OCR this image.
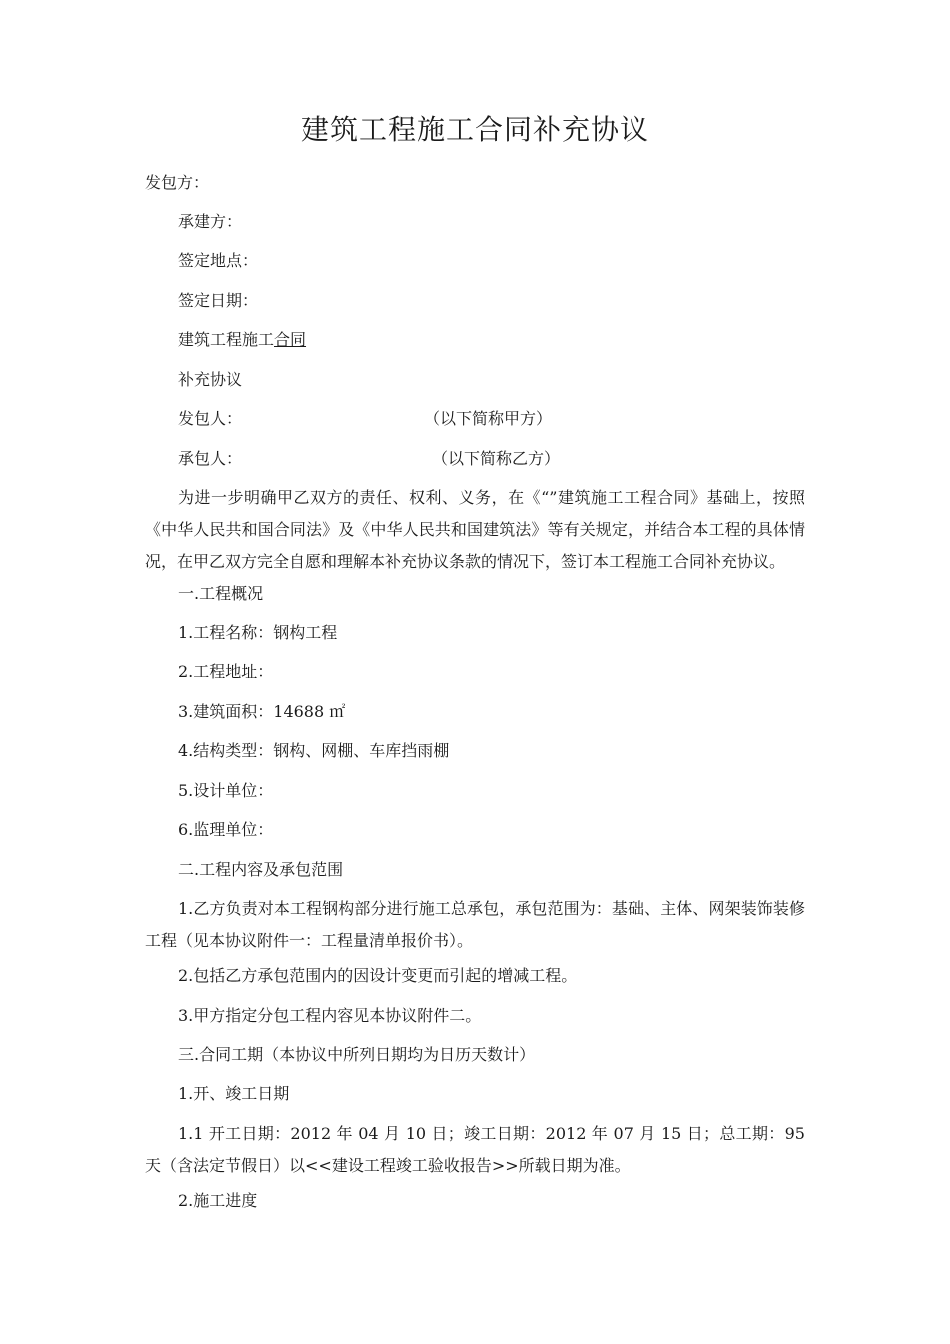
建筑工程施工合同补充协议
发包方：
承建方：
签定地点：
签定日期：
建筑工程施工合同
补充协议
发包人：	（以下简称甲方）
承包人：	（以下简称乙方）
为进一步明确甲乙双方的责任、权利、义务，在《“”建筑施工工程合同》基础上，按照《中华人民共和国合同法》及《中华人民共和国建筑法》等有关规定，并结合本工程的具体情况，在甲乙双方完全自愿和理解本补充协议条款的情况下，签订本工程施工合同补充协议。
一.工程概况
1.工程名称：钢构工程
2.工程地址：
3.建筑面积：14688 ㎡
4.结构类型：钢构、网棚、车库挡雨棚
5.设计单位：
6.监理单位：
二.工程内容及承包范围
1.乙方负责对本工程钢构部分进行施工总承包，承包范围为：基础、主体、网架装饰装修工程（见本协议附件一：工程量清单报价书）。
2.包括乙方承包范围内的因设计变更而引起的增减工程。
3.甲方指定分包工程内容见本协议附件二。
三.合同工期（本协议中所列日期均为日历天数计）
1.开、竣工日期
1.1 开工日期：2012 年 04 月 10 日；竣工日期：2012 年 07 月 15 日；总工期：95 天（含法定节假日）以<<建设工程竣工验收报告>>所载日期为准。
2.施工进度
